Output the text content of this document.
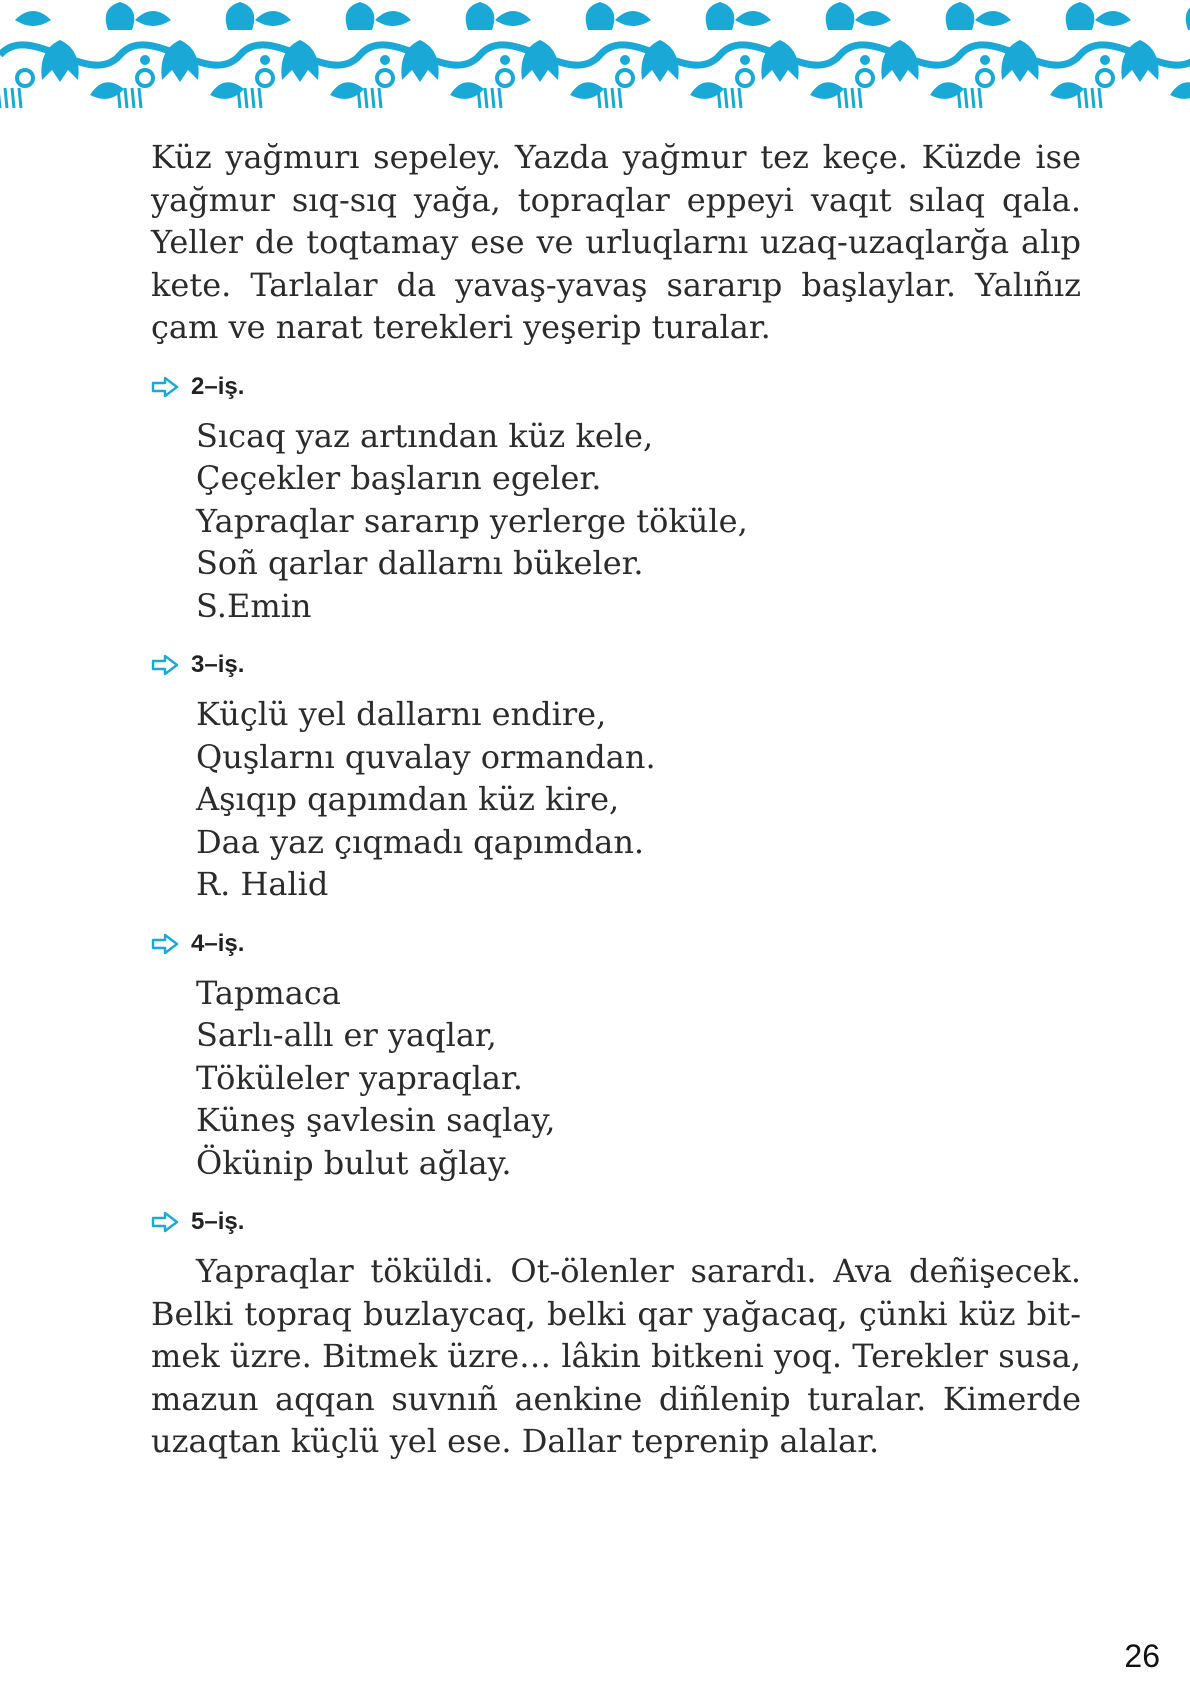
Küz yağmurı sepeley. Yazda yağmur tez keçe. Küzde ise yağmur sıq-sıq yağa, topraqlar eppeyi vaqıt sılaq qala. Yeller de toqtamay ese ve urluqlarnı uzaq-uzaqlarğa alıp kete. Tarlalar da yavaş-yavaş sararıp başlaylar. Yalıñız çam ve narat terekleri yeşerip turalar.

2–iş.
Sıcaq yaz artından küz kele,
Çeçekler başların egeler.
Yapraqlar sararıp yerlerge töküle,
Soñ qarlar dallarnı bükeler.
S.Emin
3–iş.
Küçlü yel dallarnı endire,
Quşlarnı quvalay ormandan.
Aşıqıp qapımdan küz kire,
Daa yaz çıqmadı qapımdan.
R. Halid
4–iş.
Tapmaca
Sarlı-allı er yaqlar,
Töküleler yapraqlar.
Küneş şavlesin saqlay,
Ökünip bulut ağlay.
5–iş.

Yapraqlar töküldi. Ot-ölenler sarardı. Ava deñişecek. Belki topraq buzlaycaq, belki qar yağacaq, çünki küz bitmek üzre. Bitmek üzre… lâkin bitkeni yoq. Terekler susa, mazun aqqan suvnıñ aenkine diñlenip turalar. Kimerde uzaqtan küçlü yel ese. Dallar teprenip alalar.

26
